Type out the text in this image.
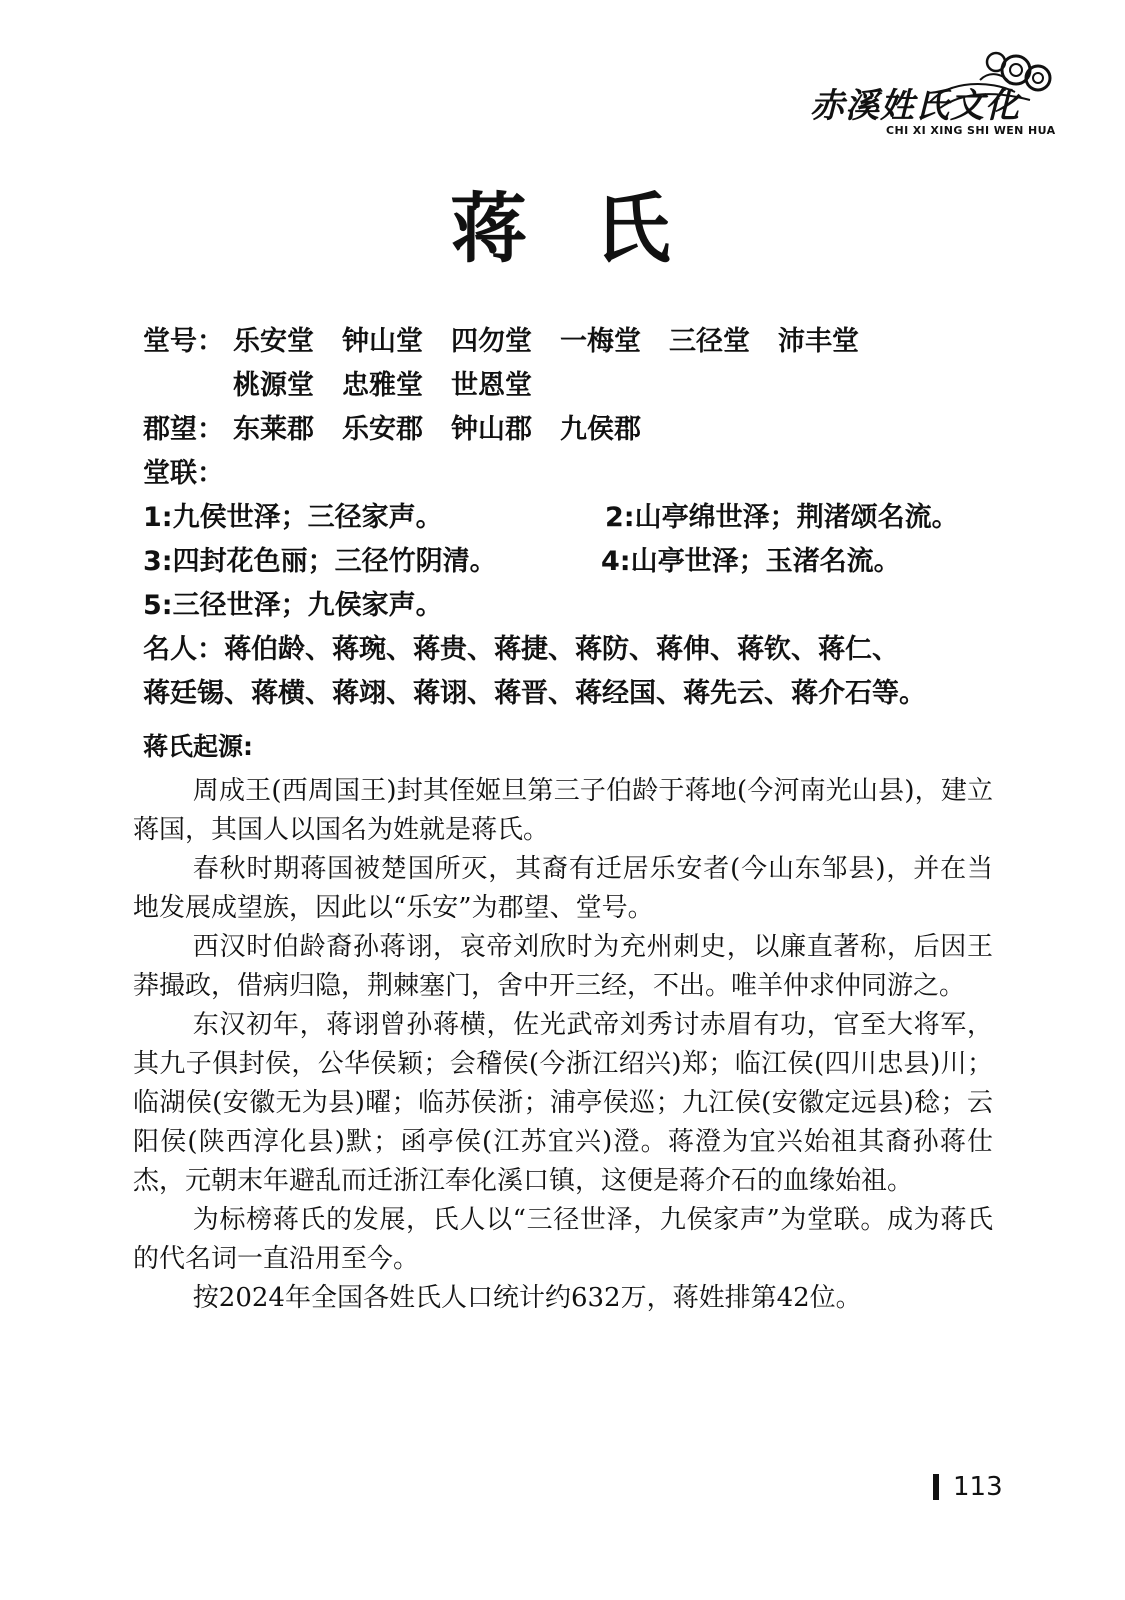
赤溪姓氏文化
CHI XI XING SHI WEN HUA
蒋 氏
堂号： 乐安堂 钟山堂 四勿堂 一梅堂 三径堂 沛丰堂
桃源堂 忠雅堂 世恩堂
郡望： 东莱郡 乐安郡 钟山郡 九侯郡
堂联：
1:九侯世泽；三径家声。	2:山亭绵世泽；荆渚颂名流。
3:四封花色丽；三径竹阴清。	4:山亭世泽；玉渚名流。
5:三径世泽；九侯家声。
名人：蒋伯龄、蒋琬、蒋贵、蒋捷、蒋防、蒋伸、蒋钦、蒋仁、
蒋廷锡、蒋横、蒋翊、蒋诩、蒋晋、蒋经国、蒋先云、蒋介石等。
蒋氏起源:

周成王(西周国王)封其侄姬旦第三子伯龄于蒋地(今河南光山县)，建立蒋国，其国人以国名为姓就是蒋氏。

春秋时期蒋国被楚国所灭，其裔有迁居乐安者(今山东邹县)，并在当地发展成望族，因此以“乐安”为郡望、堂号。

西汉时伯龄裔孙蒋诩，哀帝刘欣时为充州刺史，以廉直著称，后因王莽撮政，借病归隐，荆棘塞门，舍中开三经，不出。唯羊仲求仲同游之。

东汉初年，蒋诩曾孙蒋横，佐光武帝刘秀讨赤眉有功，官至大将军，其九子俱封侯，公华侯颖；会稽侯(今浙江绍兴)郑；临江侯(四川忠县)川；临湖侯(安徽无为县)曜；临苏侯浙；浦亭侯巡；九江侯(安徽定远县)稔；云阳侯(陕西淳化县)默；函亭侯(江苏宜兴)澄。蒋澄为宜兴始祖其裔孙蒋仕杰，元朝末年避乱而迁浙江奉化溪口镇，这便是蒋介石的血缘始祖。

为标榜蒋氏的发展，氏人以“三径世泽，九侯家声”为堂联。成为蒋氏的代名词一直沿用至今。

按2024年全国各姓氏人口统计约632万，蒋姓排第42位。

113
